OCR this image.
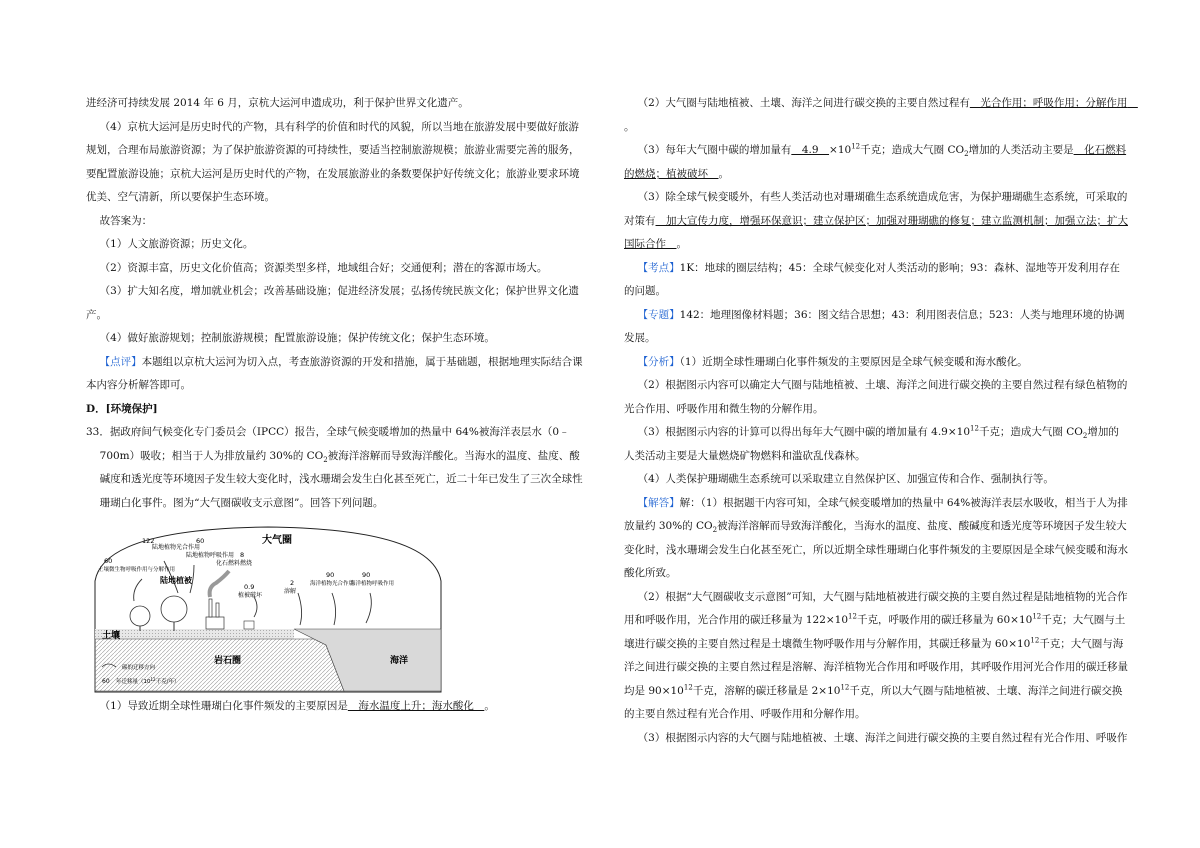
进经济可持续发展 2014 年 6 月，京杭大运河申遗成功，利于保护世界文化遗产。

（4）京杭大运河是历史时代的产物，具有科学的价值和时代的风貌，所以当地在旅游发展中要做好旅游规划，合理布局旅游资源；为了保护旅游资源的可持续性，要适当控制旅游规模；旅游业需要完善的服务，要配置旅游设施；京杭大运河是历史时代的产物，在发展旅游业的条数要保护好传统文化；旅游业要求环境优美、空气清新，所以要保护生态环境。

故答案为：

（1）人文旅游资源；历史文化。

（2）资源丰富，历史文化价值高；资源类型多样，地域组合好；交通便利；潜在的客源市场大。

（3）扩大知名度，增加就业机会；改善基础设施；促进经济发展；弘扬传统民族文化；保护世界文化遗产。

（4）做好旅游规划；控制旅游规模；配置旅游设施；保护传统文化；保护生态环境。

【点评】本题组以京杭大运河为切入点，考查旅游资源的开发和措施，属于基础题，根据地理实际结合课本内容分析解答即可。

D．[环境保护]

33．据政府间气候变化专门委员会（IPCC）报告，全球气候变暖增加的热量中 64%被海洋表层水（0﹣700m）吸收；相当于人为排放量约 30%的 $CO_2$被海洋溶解而导致海洋酸化。当海水的温度、盐度、酸碱度和透光度等环境因子发生较大变化时，浅水珊瑚会发生白化甚至死亡，近二十年已发生了三次全球性珊瑚白化事件。图为“大气圈碳收支示意图”。回答下列问题。

大气圈
122
陆地植物光合作用
60
陆地植物呼吸作用 8
化石燃料燃烧
60
土壤微生物呼吸作用与分解作用
陆地植被
0.9
植被破坏
2
溶解
90
海洋植物光合作用
90
海洋植物呼吸作用
土壤
岩石圈	海洋
碳的迁移方向
60 年迁移量（$10^{12}$千克/年）

（1）导致近期全球性珊瑚白化事件频发的主要原因是　海水温度上升；海水酸化　。

（2）大气圈与陆地植被、土壤、海洋之间进行碳交换的主要自然过程有　光合作用；呼吸作用；分解作用　。

（3）每年大气圈中碳的增加量有　4.9　$\times 10^{12}$千克；造成大气圈 $CO_2$增加的人类活动主要是　化石燃料的燃烧；植被破坏　。

（3）除全球气候变暖外，有些人类活动也对珊瑚礁生态系统造成危害，为保护珊瑚礁生态系统，可采取的对策有　加大宣传力度，增强环保意识；建立保护区；加强对珊瑚礁的修复；建立监测机制；加强立法；扩大国际合作　。

【考点】1K：地球的圈层结构；45：全球气候变化对人类活动的影响；93：森林、湿地等开发利用存在的问题。

【专题】142：地理图像材料题；36：图文结合思想；43：利用图表信息；523：人类与地理环境的协调发展。

【分析】（1）近期全球性珊瑚白化事件频发的主要原因是全球气候变暖和海水酸化。

（2）根据图示内容可以确定大气圈与陆地植被、土壤、海洋之间进行碳交换的主要自然过程有绿色植物的光合作用、呼吸作用和微生物的分解作用。

（3）根据图示内容的计算可以得出每年大气圈中碳的增加量有 $4.9\times 10^{12}$千克；造成大气圈 $CO_2$增加的人类活动主要是大量燃烧矿物燃料和滥砍乱伐森林。

（4）人类保护珊瑚礁生态系统可以采取建立自然保护区、加强宣传和合作、强制执行等。

【解答】解：（1）根据题干内容可知，全球气候变暖增加的热量中 64%被海洋表层水吸收，相当于人为排放量约 30%的 $CO_2$被海洋溶解而导致海洋酸化，当海水的温度、盐度、酸碱度和透光度等环境因子发生较大变化时，浅水珊瑚会发生白化甚至死亡，所以近期全球性珊瑚白化事件频发的主要原因是全球气候变暖和海水酸化所致。

（2）根据“大气圈碳收支示意图”可知，大气圈与陆地植被进行碳交换的主要自然过程是陆地植物的光合作用和呼吸作用，光合作用的碳迁移量为 $122\times 10^{12}$千克，呼吸作用的碳迁移量为 $60\times 10^{12}$千克；大气圈与土壤进行碳交换的主要自然过程是土壤微生物呼吸作用与分解作用，其碳迁移量为 $60\times 10^{12}$千克；大气圈与海洋之间进行碳交换的主要自然过程是溶解、海洋植物光合作用和呼吸作用，其呼吸作用河光合作用的碳迁移量均是 $90\times 10^{12}$千克，溶解的碳迁移量是 $2\times 10^{12}$千克，所以大气圈与陆地植被、土壤、海洋之间进行碳交换的主要自然过程有光合作用、呼吸作用和分解作用。

（3）根据图示内容的大气圈与陆地植被、土壤、海洋之间进行碳交换的主要自然过程有光合作用、呼吸作
